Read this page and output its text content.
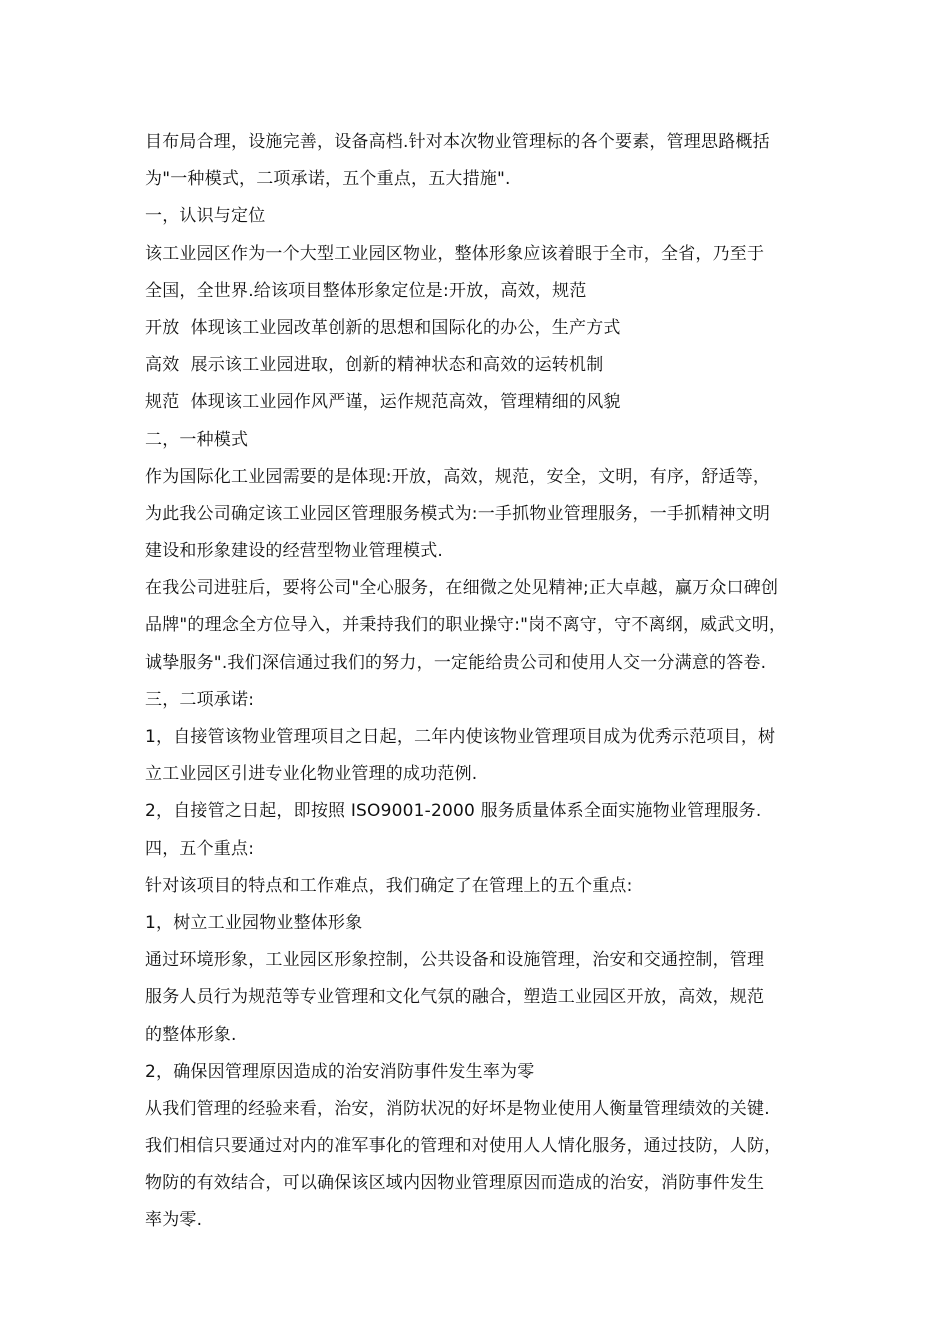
目布局合理，设施完善，设备高档.针对本次物业管理标的各个要素，管理思路概括
为"一种模式，二项承诺，五个重点，五大措施".
一，认识与定位
该工业园区作为一个大型工业园区物业，整体形象应该着眼于全市，全省，乃至于
全国，全世界.给该项目整体形象定位是:开放，高效，规范
开放  体现该工业园改革创新的思想和国际化的办公，生产方式
高效  展示该工业园进取，创新的精神状态和高效的运转机制
规范  体现该工业园作风严谨，运作规范高效，管理精细的风貌
二，一种模式
作为国际化工业园需要的是体现:开放，高效，规范，安全，文明，有序，舒适等，
为此我公司确定该工业园区管理服务模式为:一手抓物业管理服务，一手抓精神文明
建设和形象建设的经营型物业管理模式.
在我公司进驻后，要将公司"全心服务，在细微之处见精神;正大卓越，赢万众口碑创
品牌"的理念全方位导入，并秉持我们的职业操守:"岗不离守，守不离纲，威武文明，
诚挚服务".我们深信通过我们的努力，一定能给贵公司和使用人交一分满意的答卷.
三，二项承诺:
1，自接管该物业管理项目之日起，二年内使该物业管理项目成为优秀示范项目，树
立工业园区引进专业化物业管理的成功范例.
2，自接管之日起，即按照 ISO9001-2000 服务质量体系全面实施物业管理服务.
四，五个重点:
针对该项目的特点和工作难点，我们确定了在管理上的五个重点:
1，树立工业园物业整体形象
通过环境形象，工业园区形象控制，公共设备和设施管理，治安和交通控制，管理
服务人员行为规范等专业管理和文化气氛的融合，塑造工业园区开放，高效，规范
的整体形象.
2，确保因管理原因造成的治安消防事件发生率为零
从我们管理的经验来看，治安，消防状况的好坏是物业使用人衡量管理绩效的关键.
我们相信只要通过对内的准军事化的管理和对使用人人情化服务，通过技防，人防，
物防的有效结合，可以确保该区域内因物业管理原因而造成的治安，消防事件发生
率为零.
